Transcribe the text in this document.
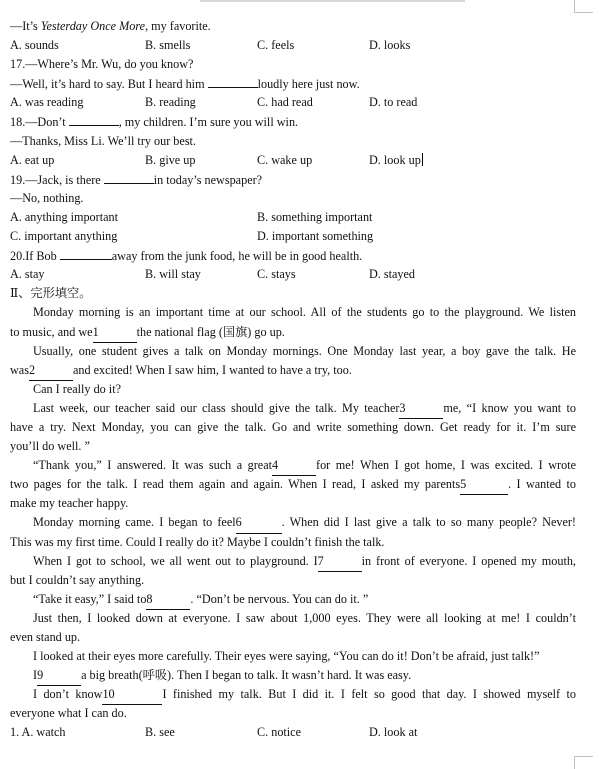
—It’s Yesterday Once More, my favorite.
A. sounds	B. smells	C. feels	D. looks
17.—Where’s Mr. Wu, do you know?
—Well, it’s hard to say. But I heard him	loudly here just now.
A. was reading	B. reading	C. had read	D. to read
18.—Don’t	, my children. I’m sure you will win.
—Thanks, Miss Li. We’ll try our best.
A. eat up	B. give up	C. wake up	D. look up
19.—Jack, is there	in today’s newspaper?
—No, nothing.
A. anything important	B. something important
C. important anything	D. important something
20.If Bob	away from the junk food, he will be in good health.
A. stay	B. will stay	C. stays	D. stayed
Ⅱ、完形填空。
Monday morning is an important time at our school. All of the students go to the playground. We listen
to music, and we1	the national flag (国旗) go up.
Usually, one student gives a talk on Monday mornings. One Monday last year, a boy gave the talk. He
was2	and excited! When I saw him, I wanted to have a try, too.
Can I really do it?
Last week, our teacher said our class should give the talk. My teacher3	me, “I know you want to
have a try. Next Monday, you can give the talk. Go and write something down. Get ready for it. I’m sure
you’ll do well. ”
“Thank you,” I answered. It was such a great4	for me! When I got home, I was excited. I wrote
two pages for the talk. I read them again and again. When I read, I asked my parents5	. I wanted to
make my teacher happy.
Monday morning came. I began to feel6	. When did I last give a talk to so many people? Never!
This was my first time. Could I really do it? Maybe I couldn’t finish the talk.
When I got to school, we all went out to playground. I7	in front of everyone. I opened my mouth,
but I couldn’t say anything.
“Take it easy,” I said to8	. “Don’t be nervous. You can do it. ”
Just then, I looked down at everyone. I saw about 1,000 eyes. They were all looking at me! I couldn’t
even stand up.
I looked at their eyes more carefully. Their eyes were saying, “You can do it! Don’t be afraid, just talk!”
I9	a big breath(呼吸). Then I began to talk. It wasn’t hard. It was easy.
I don’t know10	I finished my talk. But I did it. I felt so good that day. I showed myself to
everyone what I can do.
1. A. watch	B. see	C. notice	D. look at
